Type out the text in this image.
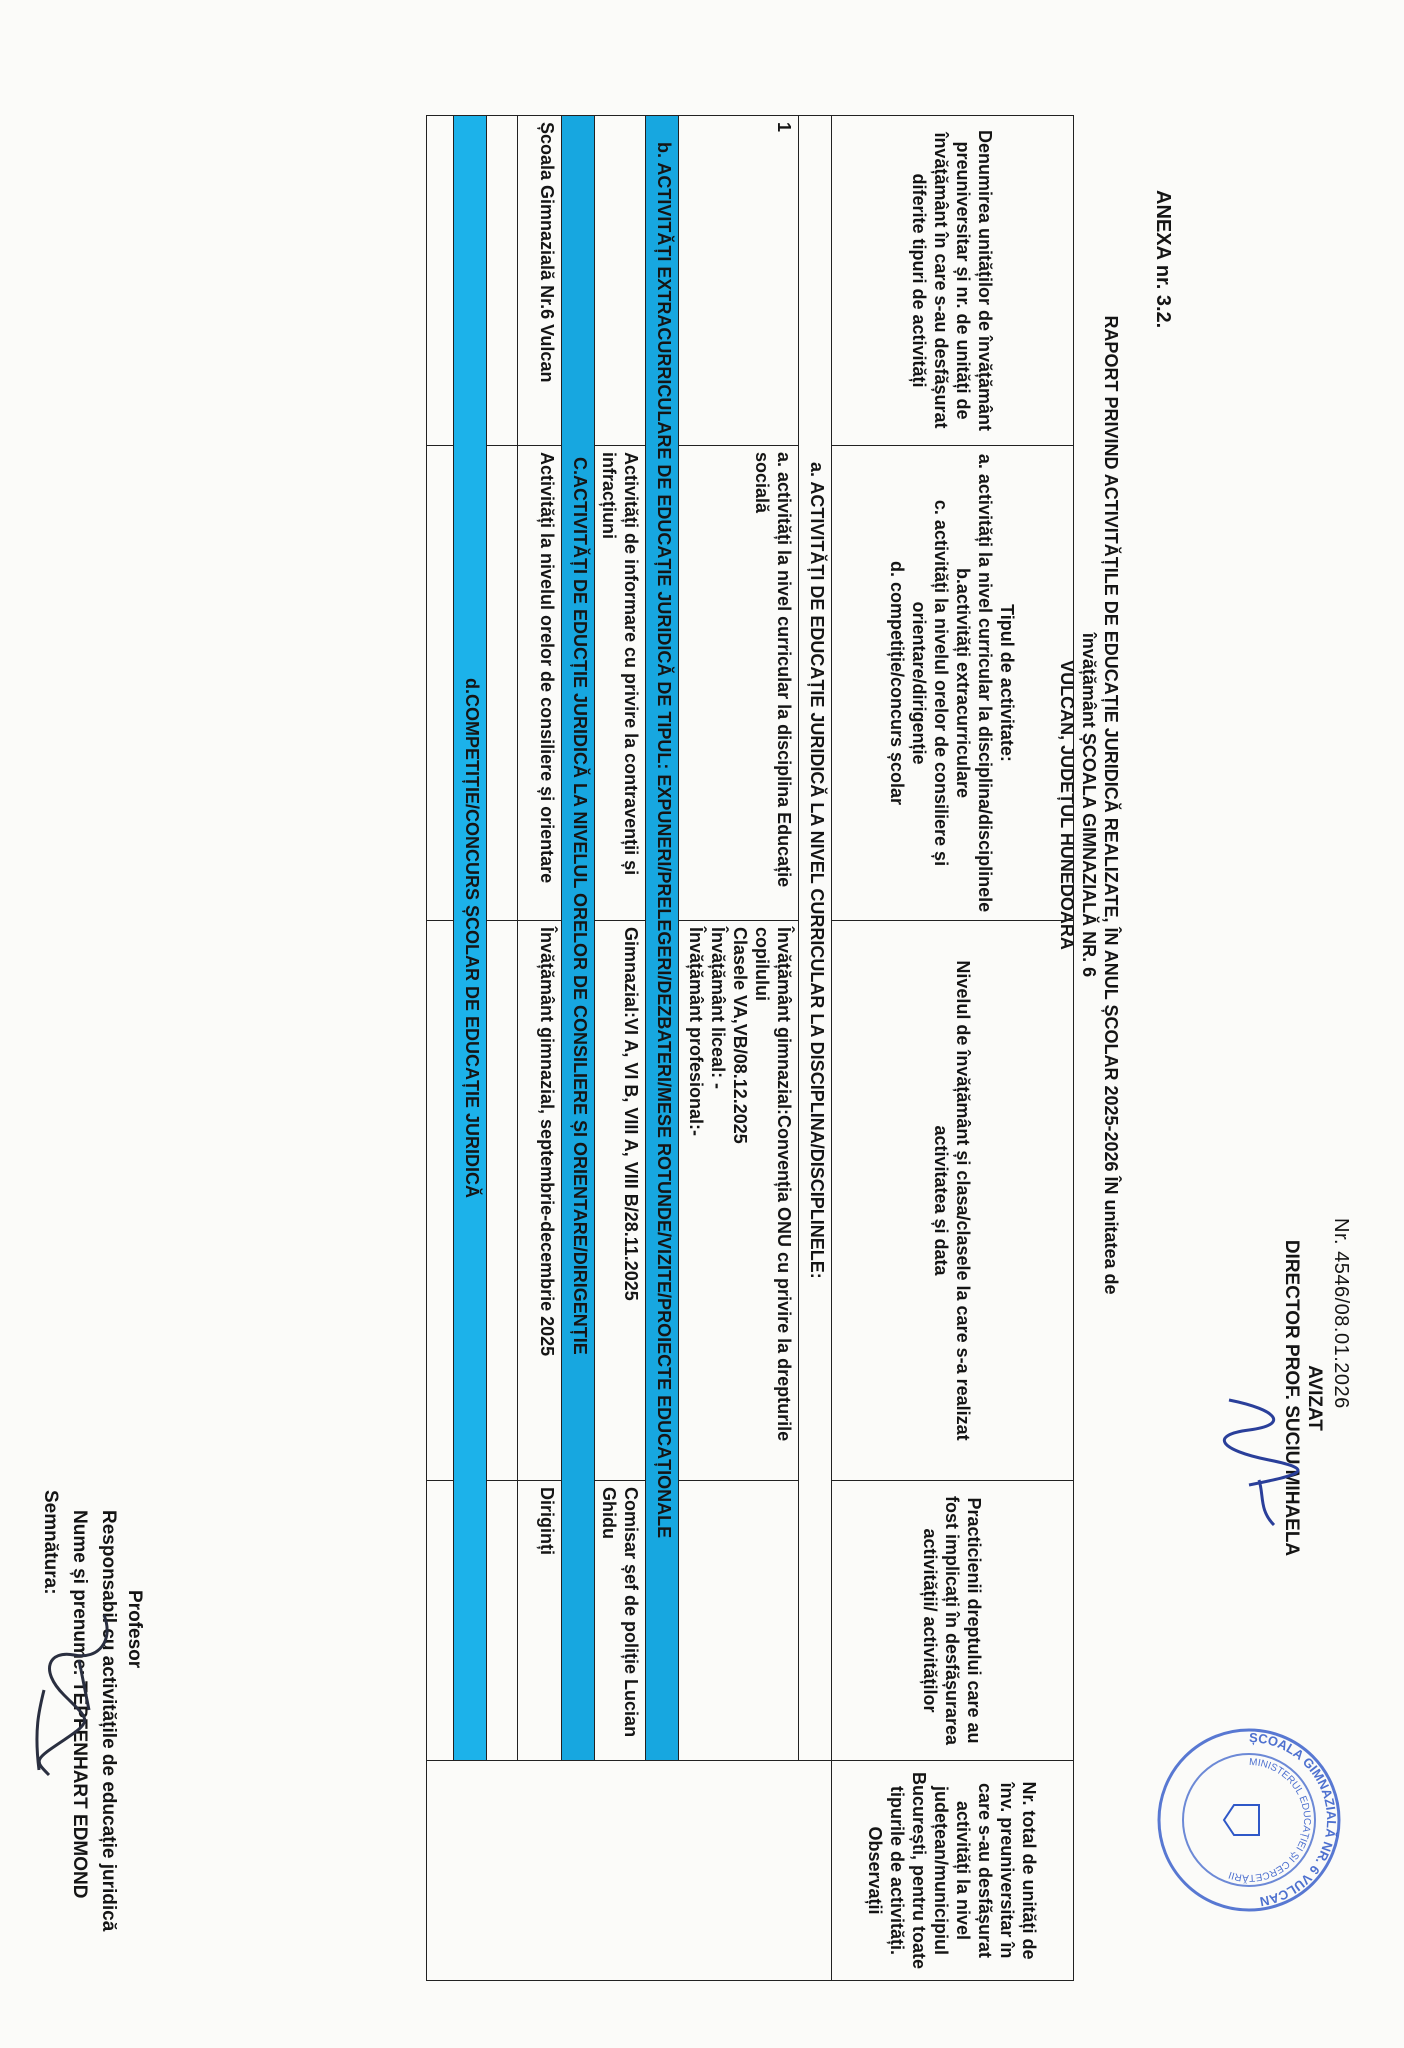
Nr. 4546/08.01.2026
AVIZAT
DIRECTOR PROF. SUCIU MIHAELA
ȘCOALA GIMNAZIALĂ NR. 6 VULCAN
MINISTERUL EDUCAȚIEI ȘI CERCETĂRII
ANEXA nr. 3.2.
RAPORT PRIVIND ACTIVITĂȚILE DE EDUCAȚIE JURIDICĂ REALIZATE, ÎN ANUL ȘCOLAR 2025-2026 ÎN unitatea de învățământ ȘCOALA GIMNAZIALĂ NR. 6
VULCAN, JUDEȚUL HUNEDOARA
Denumirea unităților de învățământ preuniversitar și nr. de unități de învățământ în care s-au desfășurat diferite tipuri de activități	Tipul de activitate:
a. activități la nivel curricular la disciplina/disciplinele
b.activități extracurriculare
c. activități la nivelul orelor de consiliere și orientare/dirigenție
d. competiție/concurs școlar	Nivelul de învățământ și clasa/clasele la care s-a realizat activitatea și data	Practicienii dreptului care au fost implicați în desfășurarea activității/ activităților	Nr. total de unități de înv. preuniversitar în care s-au desfășurat activități la nivel județean/municipiul București, pentru toate tipurile de activități. Observații
a. ACTIVITĂȚI DE EDUCAȚIE JURIDICĂ LA NIVEL CURRICULAR LA DISCIPLINA/DISCIPLINELE:				
1	a. activități la nivel curricular la disciplina Educație socială	Învățământ gimnazial:Convenția ONU cu privire la drepturile copilului
Clasele VA,VB/08.12.2025
Învățământ liceal: -
Învățământ profesional:-		

b. ACTIVITĂȚI EXTRACURRICULARE DE EDUCAȚIE JURIDICĂ DE TIPUL: EXPUNERI/PRELEGERI/DEZBATERI/MESE ROTUNDE/VIZITE/PROIECTE EDUCAȚIONALE				
	Activități de informare cu privire la contravenții și infracțiuni	Gimnazial:VI A, VI B, VIII A, VIII B/28.11.2025	Comisar șef de poliție Lucian Ghidu	
C.ACTIVITĂȚI DE EDUCȚIE JURIDICĂ LA NIVELUL ORELOR DE CONSILIERE ȘI ORIENTARE/DIRIGENȚIE				
Școala Gimnazială Nr.6 Vulcan	Activități la nivelul orelor de consiliere și orientare	Învățământ gimnazial, septembrie-decembrie 2025	Diriginți	

d.COMPETIȚIE/CONCURS ȘCOLAR DE EDUCAȚIE JURIDICĂ				

Profesor
Responsabil cu activitățile de educație juridică
Nume și prenume: TEPFENHART EDMOND
Semnătura:
